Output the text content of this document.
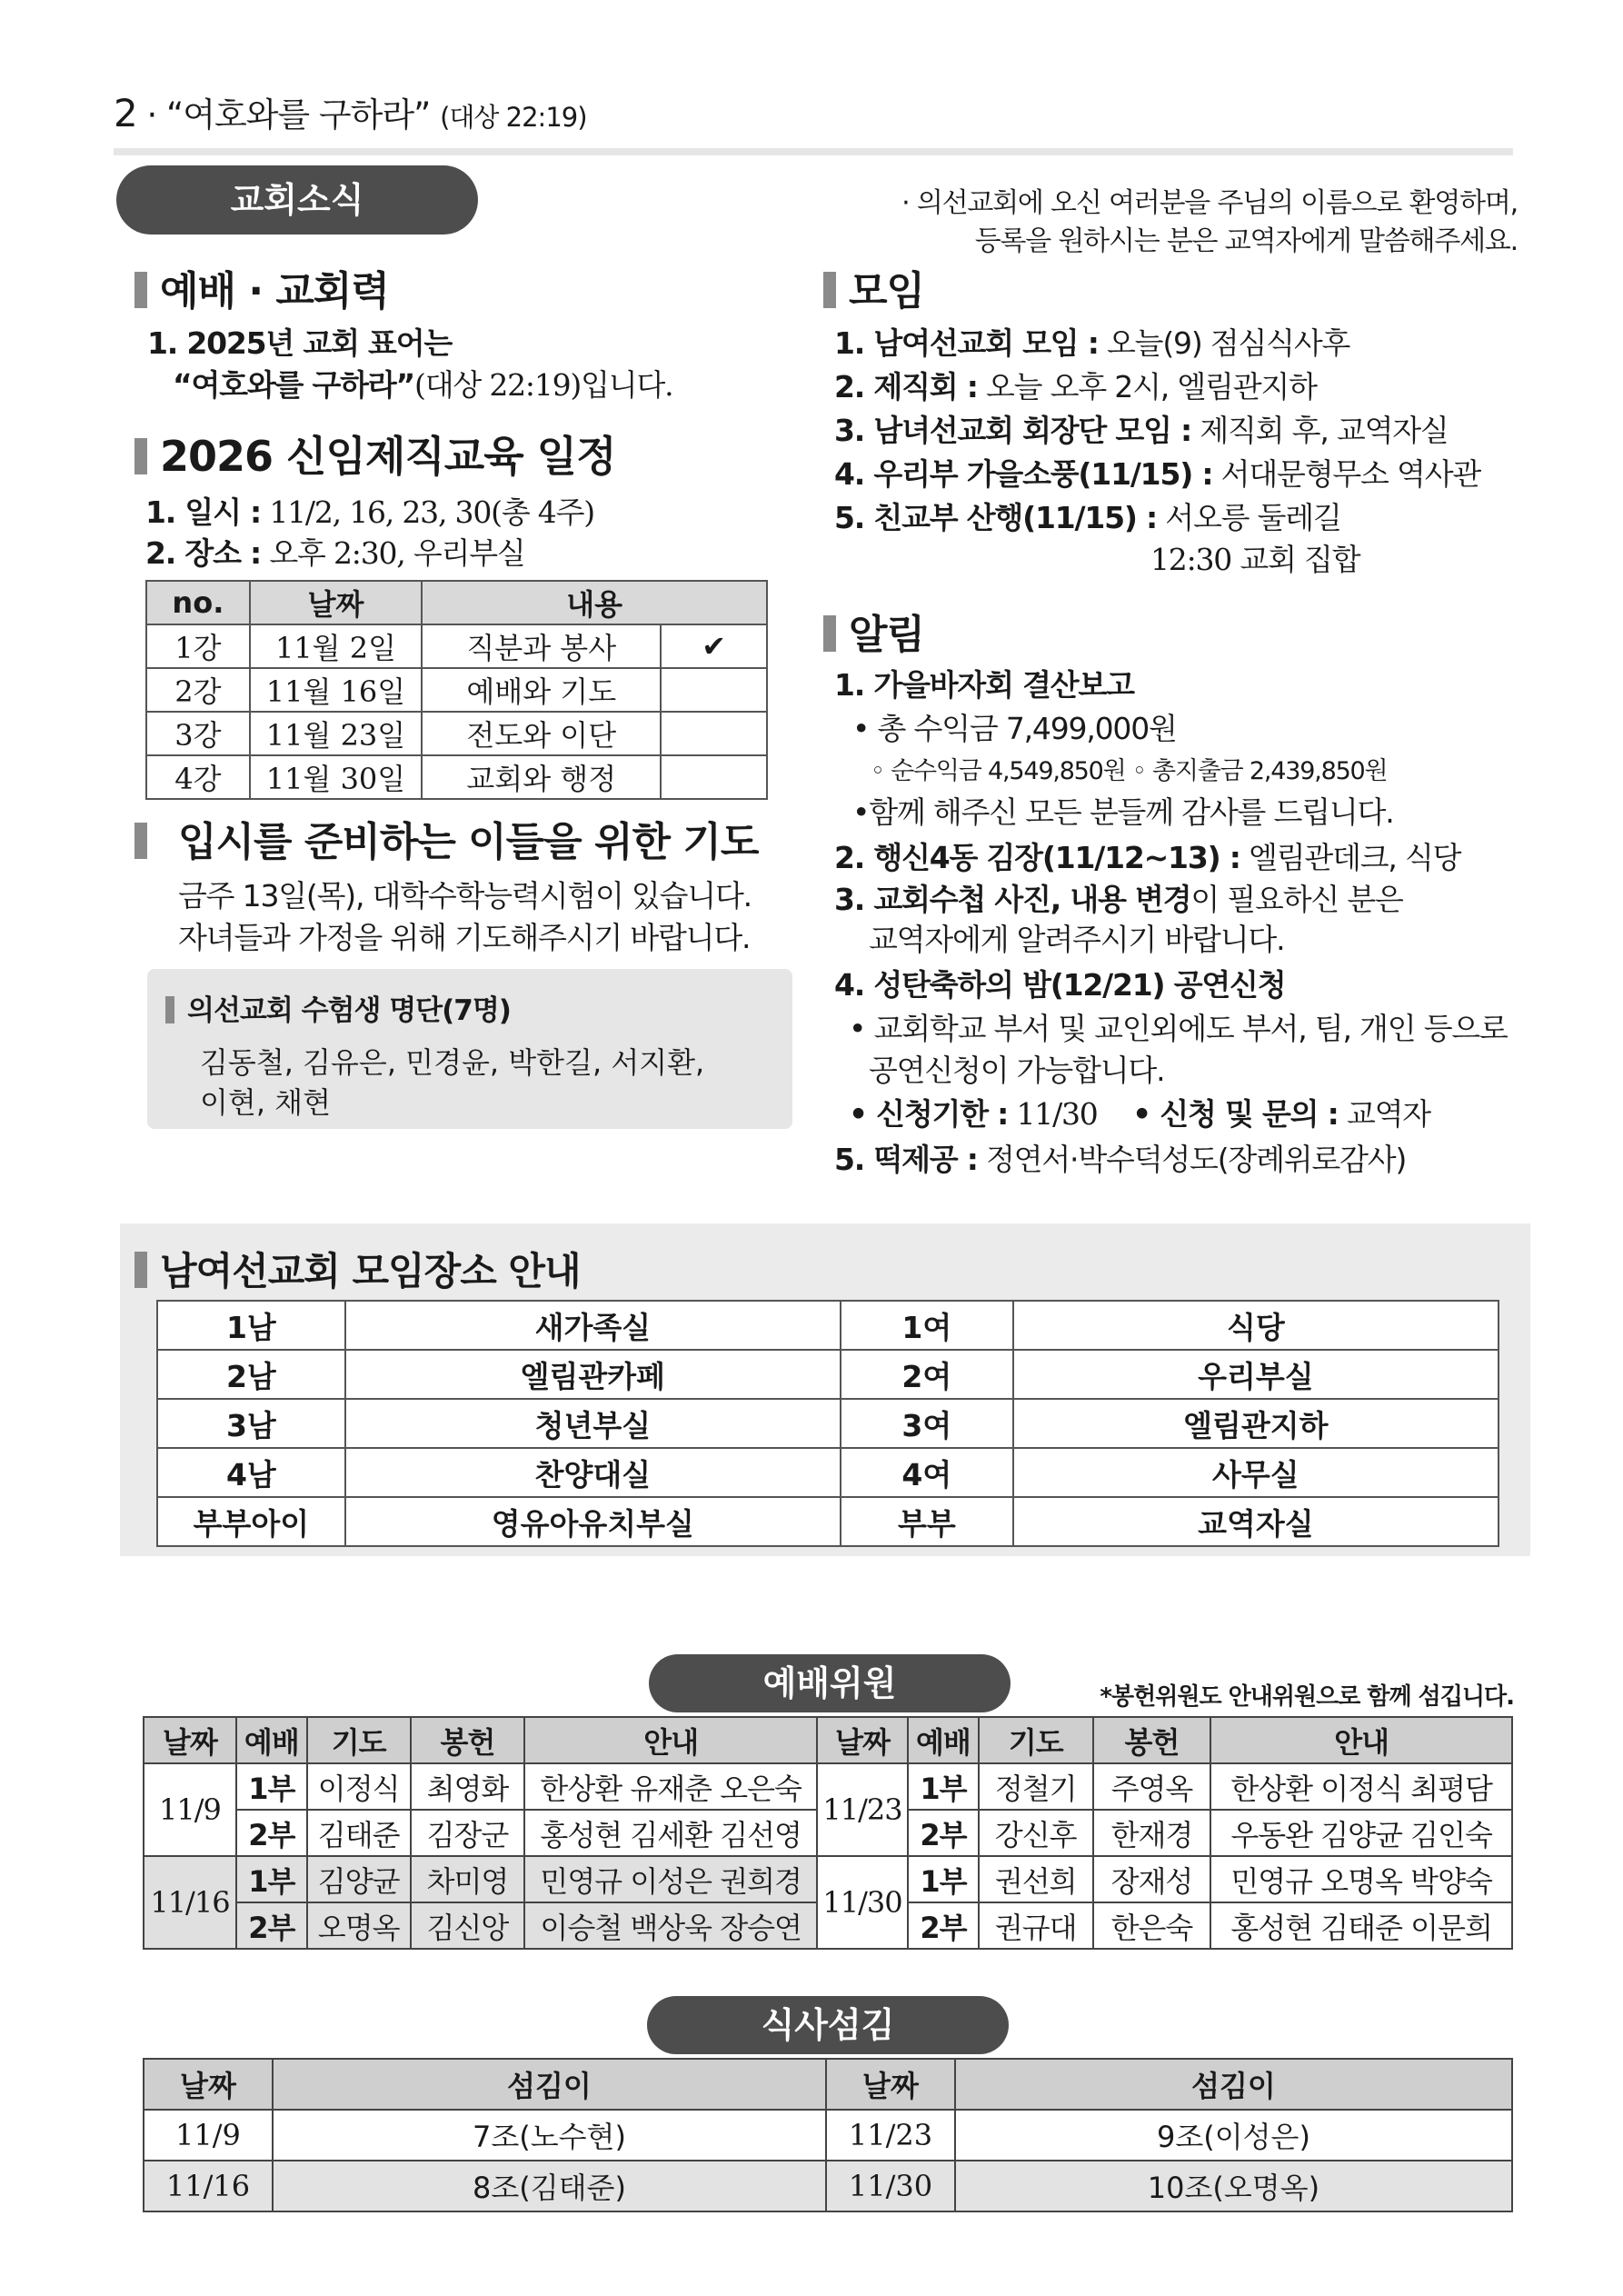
2 · “여호와를 구하라” (대상 22:19)
교회소식	· 의선교회에 오신 여러분을 주님의 이름으로 환영하며,
등록을 원하시는 분은 교역자에게 말씀해주세요.
예배 · 교회력
1. 2025년 교회 표어는
“여호와를 구하라”(대상 22:19)입니다.
2026 신임제직교육 일정
1. 일시 : 11/2, 16, 23, 30(총 4주)
2. 장소 : 오후 2:30, 우리부실
no.	날짜	내용	
1강	11월 2일	직분과 봉사	✔
2강	11월 16일	예배와 기도	
3강	11월 23일	전도와 이단	
4강	11월 30일	교회와 행정	
입시를 준비하는 이들을 위한 기도
금주 13일(목), 대학수학능력시험이 있습니다.
자녀들과 가정을 위해 기도해주시기 바랍니다.
의선교회 수험생 명단(7명)
김동철, 김유은, 민경윤, 박한길, 서지환,
이현, 채현
모임
1. 남여선교회 모임 : 오늘(9) 점심식사후
2. 제직회 : 오늘 오후 2시, 엘림관지하
3. 남녀선교회 회장단 모임 : 제직회 후, 교역자실
4. 우리부 가을소풍(11/15) : 서대문형무소 역사관
5. 친교부 산행(11/15) : 서오릉 둘레길
12:30 교회 집합
알림
1. 가을바자회 결산보고
• 총 수익금 7,499,000원
◦ 순수익금 4,549,850원 ◦ 총지출금 2,439,850원
•함께 해주신 모든 분들께 감사를 드립니다.
2. 행신4동 김장(11/12~13) : 엘림관데크, 식당
3. 교회수첩 사진, 내용 변경이 필요하신 분은
교역자에게 알려주시기 바랍니다.
4. 성탄축하의 밤(12/21) 공연신청
• 교회학교 부서 및 교인외에도 부서, 팀, 개인 등으로
공연신청이 가능합니다.
• 신청기한 : 11/30 • 신청 및 문의 : 교역자
5. 떡제공 : 정연서·박수덕성도(장례위로감사)
남여선교회 모임장소 안내
1남	새가족실	1여	식당
2남	엘림관카페	2여	우리부실
3남	청년부실	3여	엘림관지하
4남	찬양대실	4여	사무실
부부아이	영유아유치부실	부부	교역자실
예배위원	*봉헌위원도 안내위원으로 함께 섬깁니다.
날짜	예배	기도	봉헌	안내	날짜	예배	기도	봉헌	안내
11/9	1부	이정식	최영화	한상환 유재춘 오은숙	11/23	1부	정철기	주영옥	한상환 이정식 최평담
	2부	김태준	김장군	홍성현 김세환 김선영		2부	강신후	한재경	우동완 김양균 김인숙
11/16	1부	김양균	차미영	민영규 이성은 권희경	11/30	1부	권선희	장재성	민영규 오명옥 박양숙
	2부	오명옥	김신앙	이승철 백상욱 장승연		2부	권규대	한은숙	홍성현 김태준 이문희
식사섬김
날짜	섬김이	날짜	섬김이
11/9	7조(노수현)	11/23	9조(이성은)
11/16	8조(김태준)	11/30	10조(오명옥)
